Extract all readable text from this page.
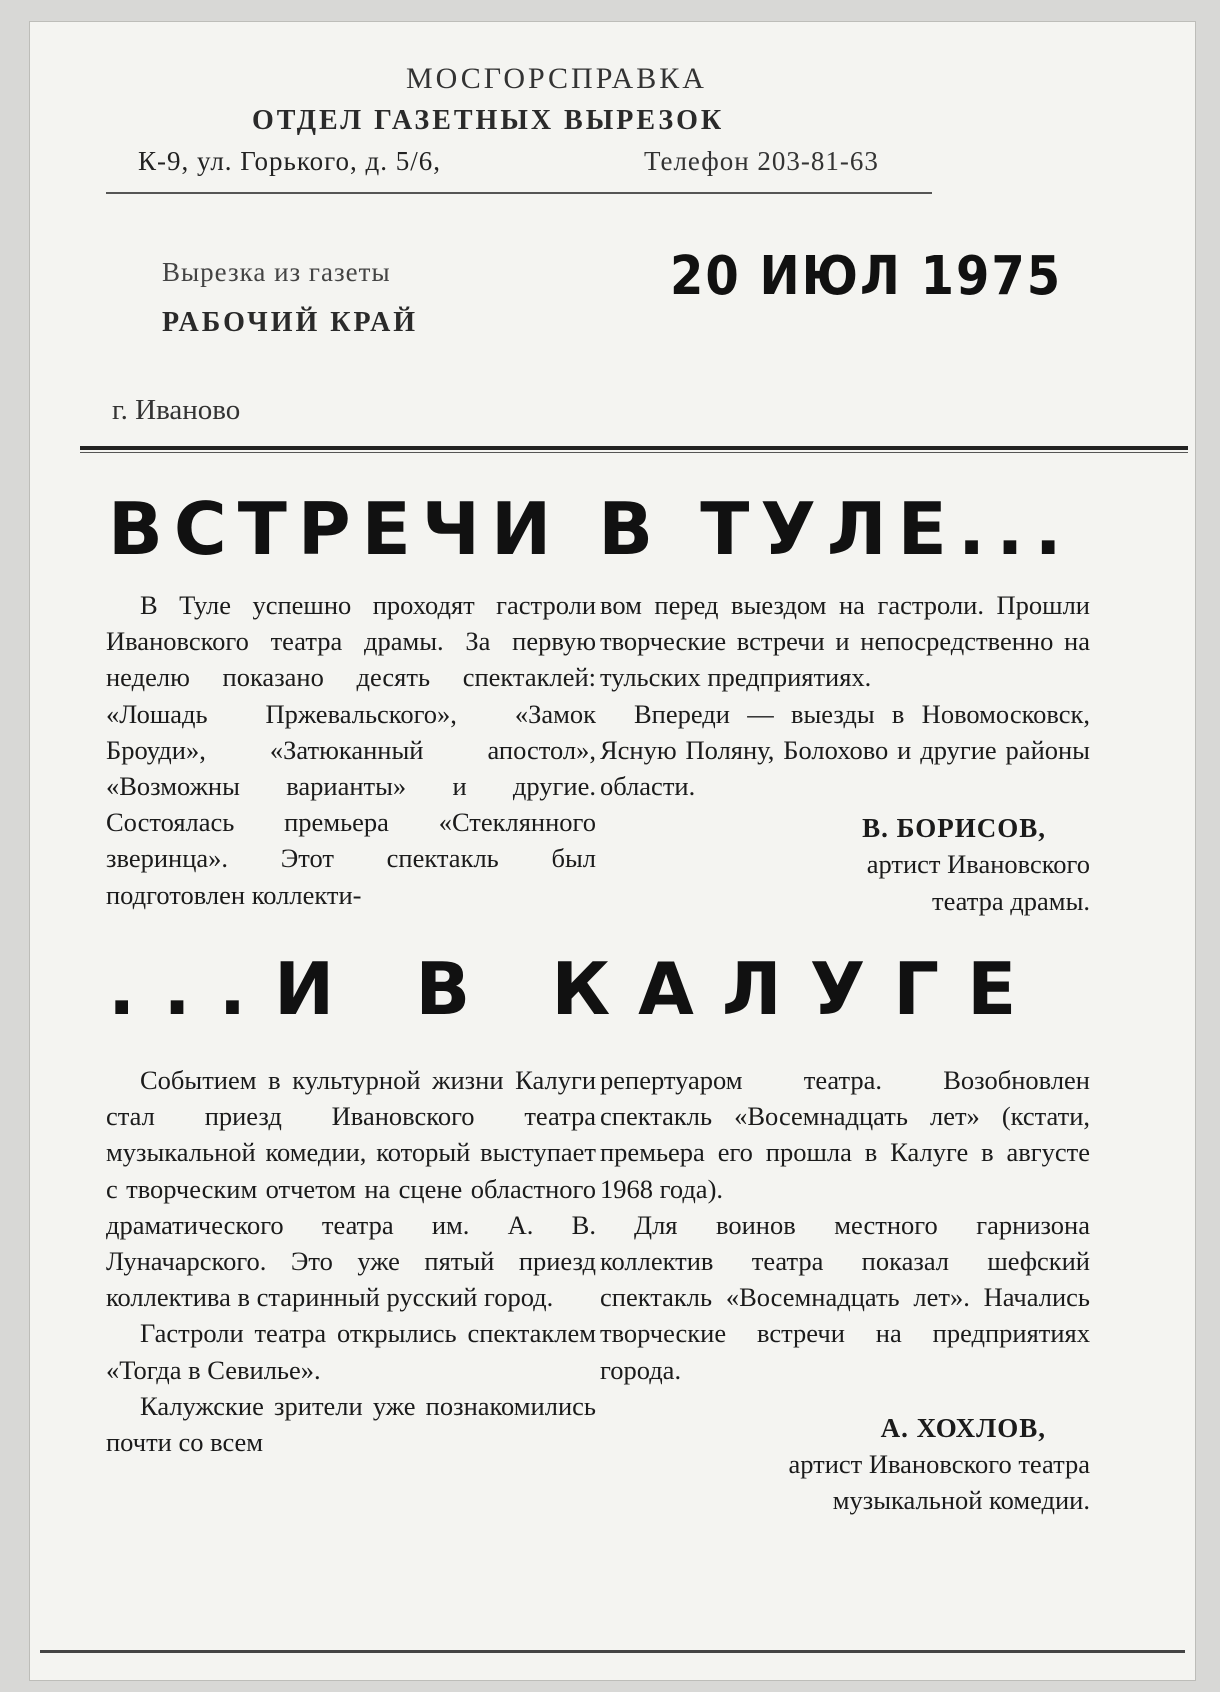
МОСГОРСПРАВКА
ОТДЕЛ ГАЗЕТНЫХ ВЫРЕЗОК
К-9, ул. Горького, д. 5/6,	Телефон 203-81-63
Вырезка из газеты
РАБОЧИЙ КРАЙ
20 ИЮЛ 1975
г. Иваново
ВСТРЕЧИ В ТУЛЕ...

В Туле успешно проходят гастроли Ивановского театра драмы. За первую неделю показано десять спектаклей: «Лошадь Пржевальского», «Замок Броуди», «Затюканный апостол», «Возможны варианты» и другие. Состоялась премьера «Стеклянного зверинца». Этот спектакль был подготовлен коллекти-

вом перед выездом на гастроли. Прошли творческие встречи и непосредственно на тульских предприятиях.

Впереди — выезды в Новомосковск, Ясную Поляну, Болохово и другие районы области.

В. БОРИСОВ,
артист Ивановского
театра драмы.
...И В КАЛУГЕ

Событием в культурной жизни Калуги стал приезд Ивановского театра музыкальной комедии, который выступает с творческим отчетом на сцене областного драматического театра им. А. В. Луначарского. Это уже пятый приезд коллектива в старинный русский город.

Гастроли театра открылись спектаклем «Тогда в Севилье».

Калужские зрители уже познакомились почти со всем

репертуаром театра. Возобновлен спектакль «Восемнадцать лет» (кстати, премьера его прошла в Калуге в августе 1968 года).

Для воинов местного гарнизона коллектив театра показал шефский спектакль «Восемнадцать лет». Начались творческие встречи на предприятиях города.

А. ХОХЛОВ,
артист Ивановского театра
музыкальной комедии.
